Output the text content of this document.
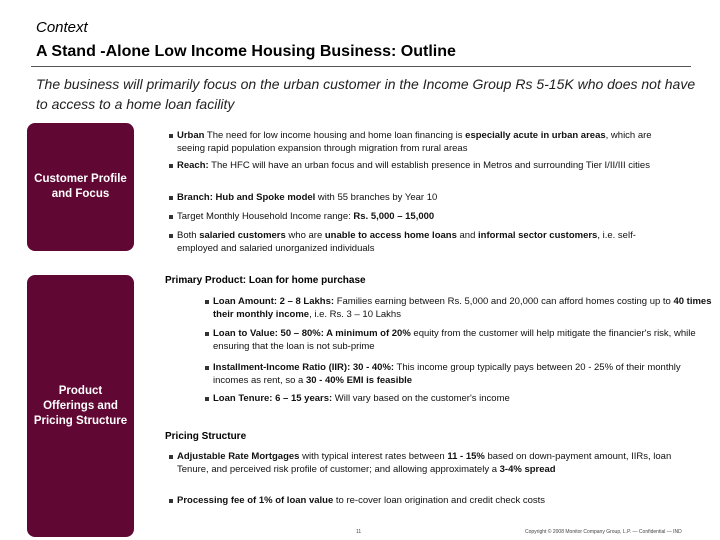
Context
A Stand -Alone Low Income Housing Business: Outline
The business will primarily focus on the urban customer in the Income Group Rs 5-15K who does not have to access to a home loan facility
Customer Profile and Focus
Urban The need for low income housing and home loan financing is especially acute in urban areas, which are seeing rapid population expansion through migration from rural areas
Reach: The HFC will have an urban focus and will establish presence in Metros and surrounding Tier I/II/III cities
Branch: Hub and Spoke model with 55 branches by Year 10
Target Monthly Household Income range: Rs. 5,000 – 15,000
Both salaried customers who are unable to access home loans and informal sector customers, i.e. self-employed and salaried unorganized individuals
Product Offerings and Pricing Structure
Primary Product: Loan for home purchase
Loan Amount: 2 – 8 Lakhs: Families earning between Rs. 5,000 and 20,000 can afford homes costing up to 40 times their monthly income, i.e. Rs. 3 – 10 Lakhs
Loan to Value: 50 – 80%: A minimum of 20% equity from the customer will help mitigate the financier's risk, while ensuring that the loan is not sub-prime
Installment-Income Ratio (IIR): 30 - 40%: This income group typically pays between 20 - 25% of their monthly incomes as rent, so a 30 - 40% EMI is feasible
Loan Tenure: 6 – 15 years: Will vary based on the customer's income
Pricing Structure
Adjustable Rate Mortgages with typical interest rates between 11 - 15% based on down-payment amount, IIRs, loan Tenure, and perceived risk profile of customer; and allowing approximately a 3-4% spread
Processing fee of 1% of loan value to re-cover loan origination and credit check costs
11	Copyright © 2008 Monitor Company Group, L.P. — Confidential — IND
